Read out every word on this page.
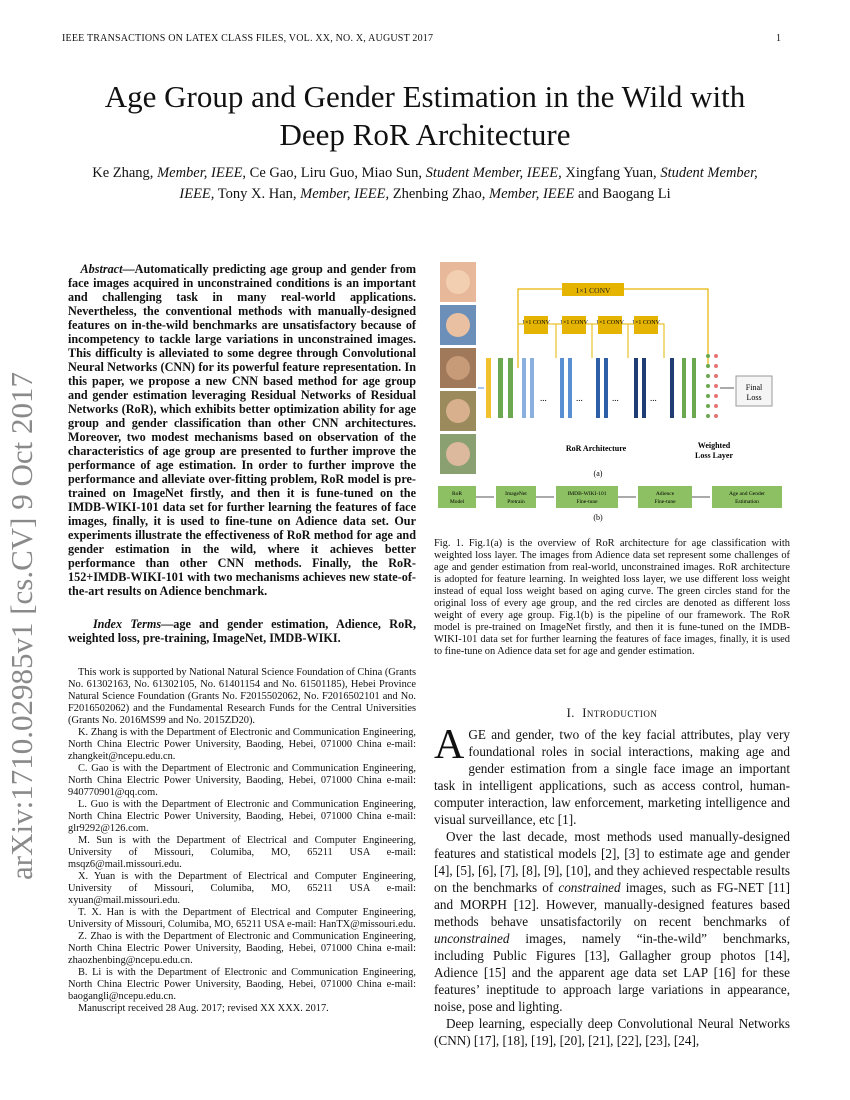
IEEE TRANSACTIONS ON LATEX CLASS FILES, VOL. XX, NO. X, AUGUST 2017	1
arXiv:1710.02985v1 [cs.CV] 9 Oct 2017
Age Group and Gender Estimation in the Wild with
Deep RoR Architecture
Ke Zhang, Member, IEEE, Ce Gao, Liru Guo, Miao Sun, Student Member, IEEE, Xingfang Yuan, Student Member, IEEE, Tony X. Han, Member, IEEE, Zhenbing Zhao, Member, IEEE and Baogang Li
Abstract—Automatically predicting age group and gender from face images acquired in unconstrained conditions is an important and challenging task in many real-world applications. Nevertheless, the conventional methods with manually-designed features on in-the-wild benchmarks are unsatisfactory because of incompetency to tackle large variations in unconstrained images. This difficulty is alleviated to some degree through Convolutional Neural Networks (CNN) for its powerful feature representation. In this paper, we propose a new CNN based method for age group and gender estimation leveraging Residual Networks of Residual Networks (RoR), which exhibits better optimization ability for age group and gender classification than other CNN architectures. Moreover, two modest mechanisms based on observation of the characteristics of age group are presented to further improve the performance of age estimation. In order to further improve the performance and alleviate over-fitting problem, RoR model is pre-trained on ImageNet firstly, and then it is fune-tuned on the IMDB-WIKI-101 data set for further learning the features of face images, finally, it is used to fine-tune on Adience data set. Our experiments illustrate the effectiveness of RoR method for age and gender estimation in the wild, where it achieves better performance than other CNN methods. Finally, the RoR-152+IMDB-WIKI-101 with two mechanisms achieves new state-of-the-art results on Adience benchmark.
Index Terms—age and gender estimation, Adience, RoR, weighted loss, pre-training, ImageNet, IMDB-WIKI.

This work is supported by National Natural Science Foundation of China (Grants No. 61302163, No. 61302105, No. 61401154 and No. 61501185), Hebei Province Natural Science Foundation (Grants No. F2015502062, No. F2016502101 and No. F2016502062) and the Fundamental Research Funds for the Central Universities (Grants No. 2016MS99 and No. 2015ZD20).

K. Zhang is with the Department of Electronic and Communication Engineering, North China Electric Power University, Baoding, Hebei, 071000 China e-mail: zhangkeit@ncepu.edu.cn.

C. Gao is with the Department of Electronic and Communication Engineering, North China Electric Power University, Baoding, Hebei, 071000 China e-mail: 940770901@qq.com.

L. Guo is with the Department of Electronic and Communication Engineering, North China Electric Power University, Baoding, Hebei, 071000 China e-mail: glr9292@126.com.

M. Sun is with the Department of Electrical and Computer Engineering, University of Missouri, Columiba, MO, 65211 USA e-mail: msqz6@mail.missouri.edu.

X. Yuan is with the Department of Electrical and Computer Engineering, University of Missouri, Columiba, MO, 65211 USA e-mail: xyuan@mail.missouri.edu.

T. X. Han is with the Department of Electrical and Computer Engineering, University of Missouri, Columiba, MO, 65211 USA e-mail: HanTX@missouri.edu.

Z. Zhao is with the Department of Electronic and Communication Engineering, North China Electric Power University, Baoding, Hebei, 071000 China e-mail: zhaozhenbing@ncepu.edu.cn.

B. Li is with the Department of Electronic and Communication Engineering, North China Electric Power University, Baoding, Hebei, 071000 China e-mail: baogangli@ncepu.edu.cn.

Manuscript received 28 Aug. 2017; revised XX XXX. 2017.

1×1 CONV
1×1 CONV 1×1 CONV 1×1 CONV 1×1 CONV
...	...	...	...
Final
Loss
RoR Architecture	Weighted
Loss Layer
(a)
RoR
Model
ImageNet
Pretrain
IMDB-WIKI-101
Fine-tune
Adience
Fine-tune
Age and Gender
Estimation
(b)
Fig. 1. Fig.1(a) is the overview of RoR architecture for age classification with weighted loss layer. The images from Adience data set represent some challenges of age and gender estimation from real-world, unconstrained images. RoR architecture is adopted for feature learning. In weighted loss layer, we use different loss weight instead of equal loss weight based on aging curve. The green circles stand for the original loss of every age group, and the red circles are denoted as different loss weight of every age group. Fig.1(b) is the pipeline of our framework. The RoR model is pre-trained on ImageNet firstly, and then it is fune-tuned on the IMDB-WIKI-101 data set for further learning the features of face images, finally, it is used to fine-tune on Adience data set for age and gender estimation.
I. Introduction

AGE and gender, two of the key facial attributes, play very foundational roles in social interactions, making age and gender estimation from a single face image an important task in intelligent applications, such as access control, human-computer interaction, law enforcement, marketing intelligence and visual surveillance, etc [1].

Over the last decade, most methods used manually-designed features and statistical models [2], [3] to estimate age and gender [4], [5], [6], [7], [8], [9], [10], and they achieved respectable results on the benchmarks of constrained images, such as FG-NET [11] and MORPH [12]. However, manually-designed features based methods behave unsatisfactorily on recent benchmarks of unconstrained images, namely “in-the-wild” benchmarks, including Public Figures [13], Gallagher group photos [14], Adience [15] and the apparent age data set LAP [16] for these features’ ineptitude to approach large variations in appearance, noise, pose and lighting.

Deep learning, especially deep Convolutional Neural Networks (CNN) [17], [18], [19], [20], [21], [22], [23], [24],
